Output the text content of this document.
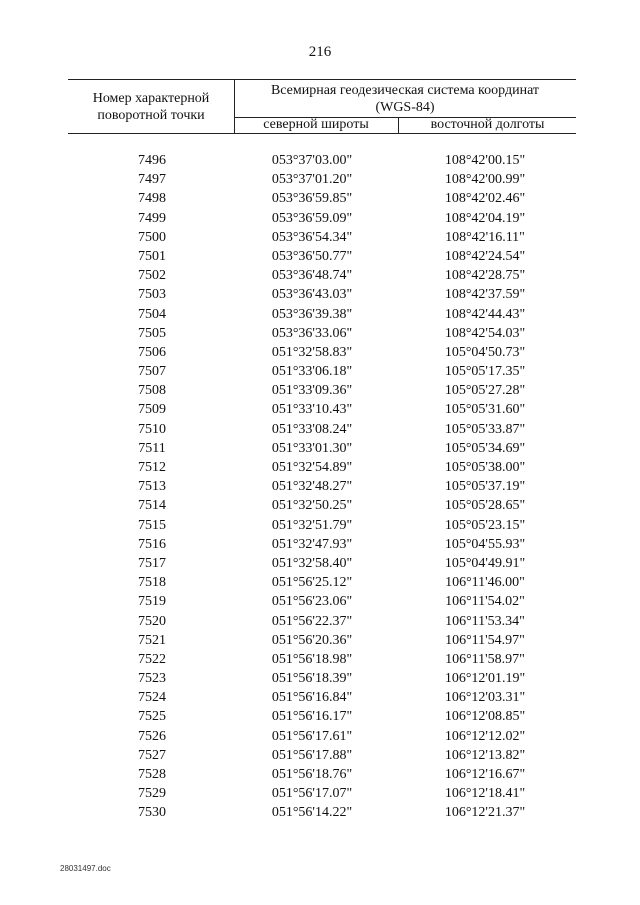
216
Номер характерной
поворотной точки
Всемирная геодезическая система координат
(WGS-84)
северной широты	восточной долготы
7496	053°37'03.00"	108°42'00.15"
7497	053°37'01.20"	108°42'00.99"
7498	053°36'59.85"	108°42'02.46"
7499	053°36'59.09"	108°42'04.19"
7500	053°36'54.34"	108°42'16.11"
7501	053°36'50.77"	108°42'24.54"
7502	053°36'48.74"	108°42'28.75"
7503	053°36'43.03"	108°42'37.59"
7504	053°36'39.38"	108°42'44.43"
7505	053°36'33.06"	108°42'54.03"
7506	051°32'58.83"	105°04'50.73"
7507	051°33'06.18"	105°05'17.35"
7508	051°33'09.36"	105°05'27.28"
7509	051°33'10.43"	105°05'31.60"
7510	051°33'08.24"	105°05'33.87"
7511	051°33'01.30"	105°05'34.69"
7512	051°32'54.89"	105°05'38.00"
7513	051°32'48.27"	105°05'37.19"
7514	051°32'50.25"	105°05'28.65"
7515	051°32'51.79"	105°05'23.15"
7516	051°32'47.93"	105°04'55.93"
7517	051°32'58.40"	105°04'49.91"
7518	051°56'25.12"	106°11'46.00"
7519	051°56'23.06"	106°11'54.02"
7520	051°56'22.37"	106°11'53.34"
7521	051°56'20.36"	106°11'54.97"
7522	051°56'18.98"	106°11'58.97"
7523	051°56'18.39"	106°12'01.19"
7524	051°56'16.84"	106°12'03.31"
7525	051°56'16.17"	106°12'08.85"
7526	051°56'17.61"	106°12'12.02"
7527	051°56'17.88"	106°12'13.82"
7528	051°56'18.76"	106°12'16.67"
7529	051°56'17.07"	106°12'18.41"
7530	051°56'14.22"	106°12'21.37"
28031497.doc
